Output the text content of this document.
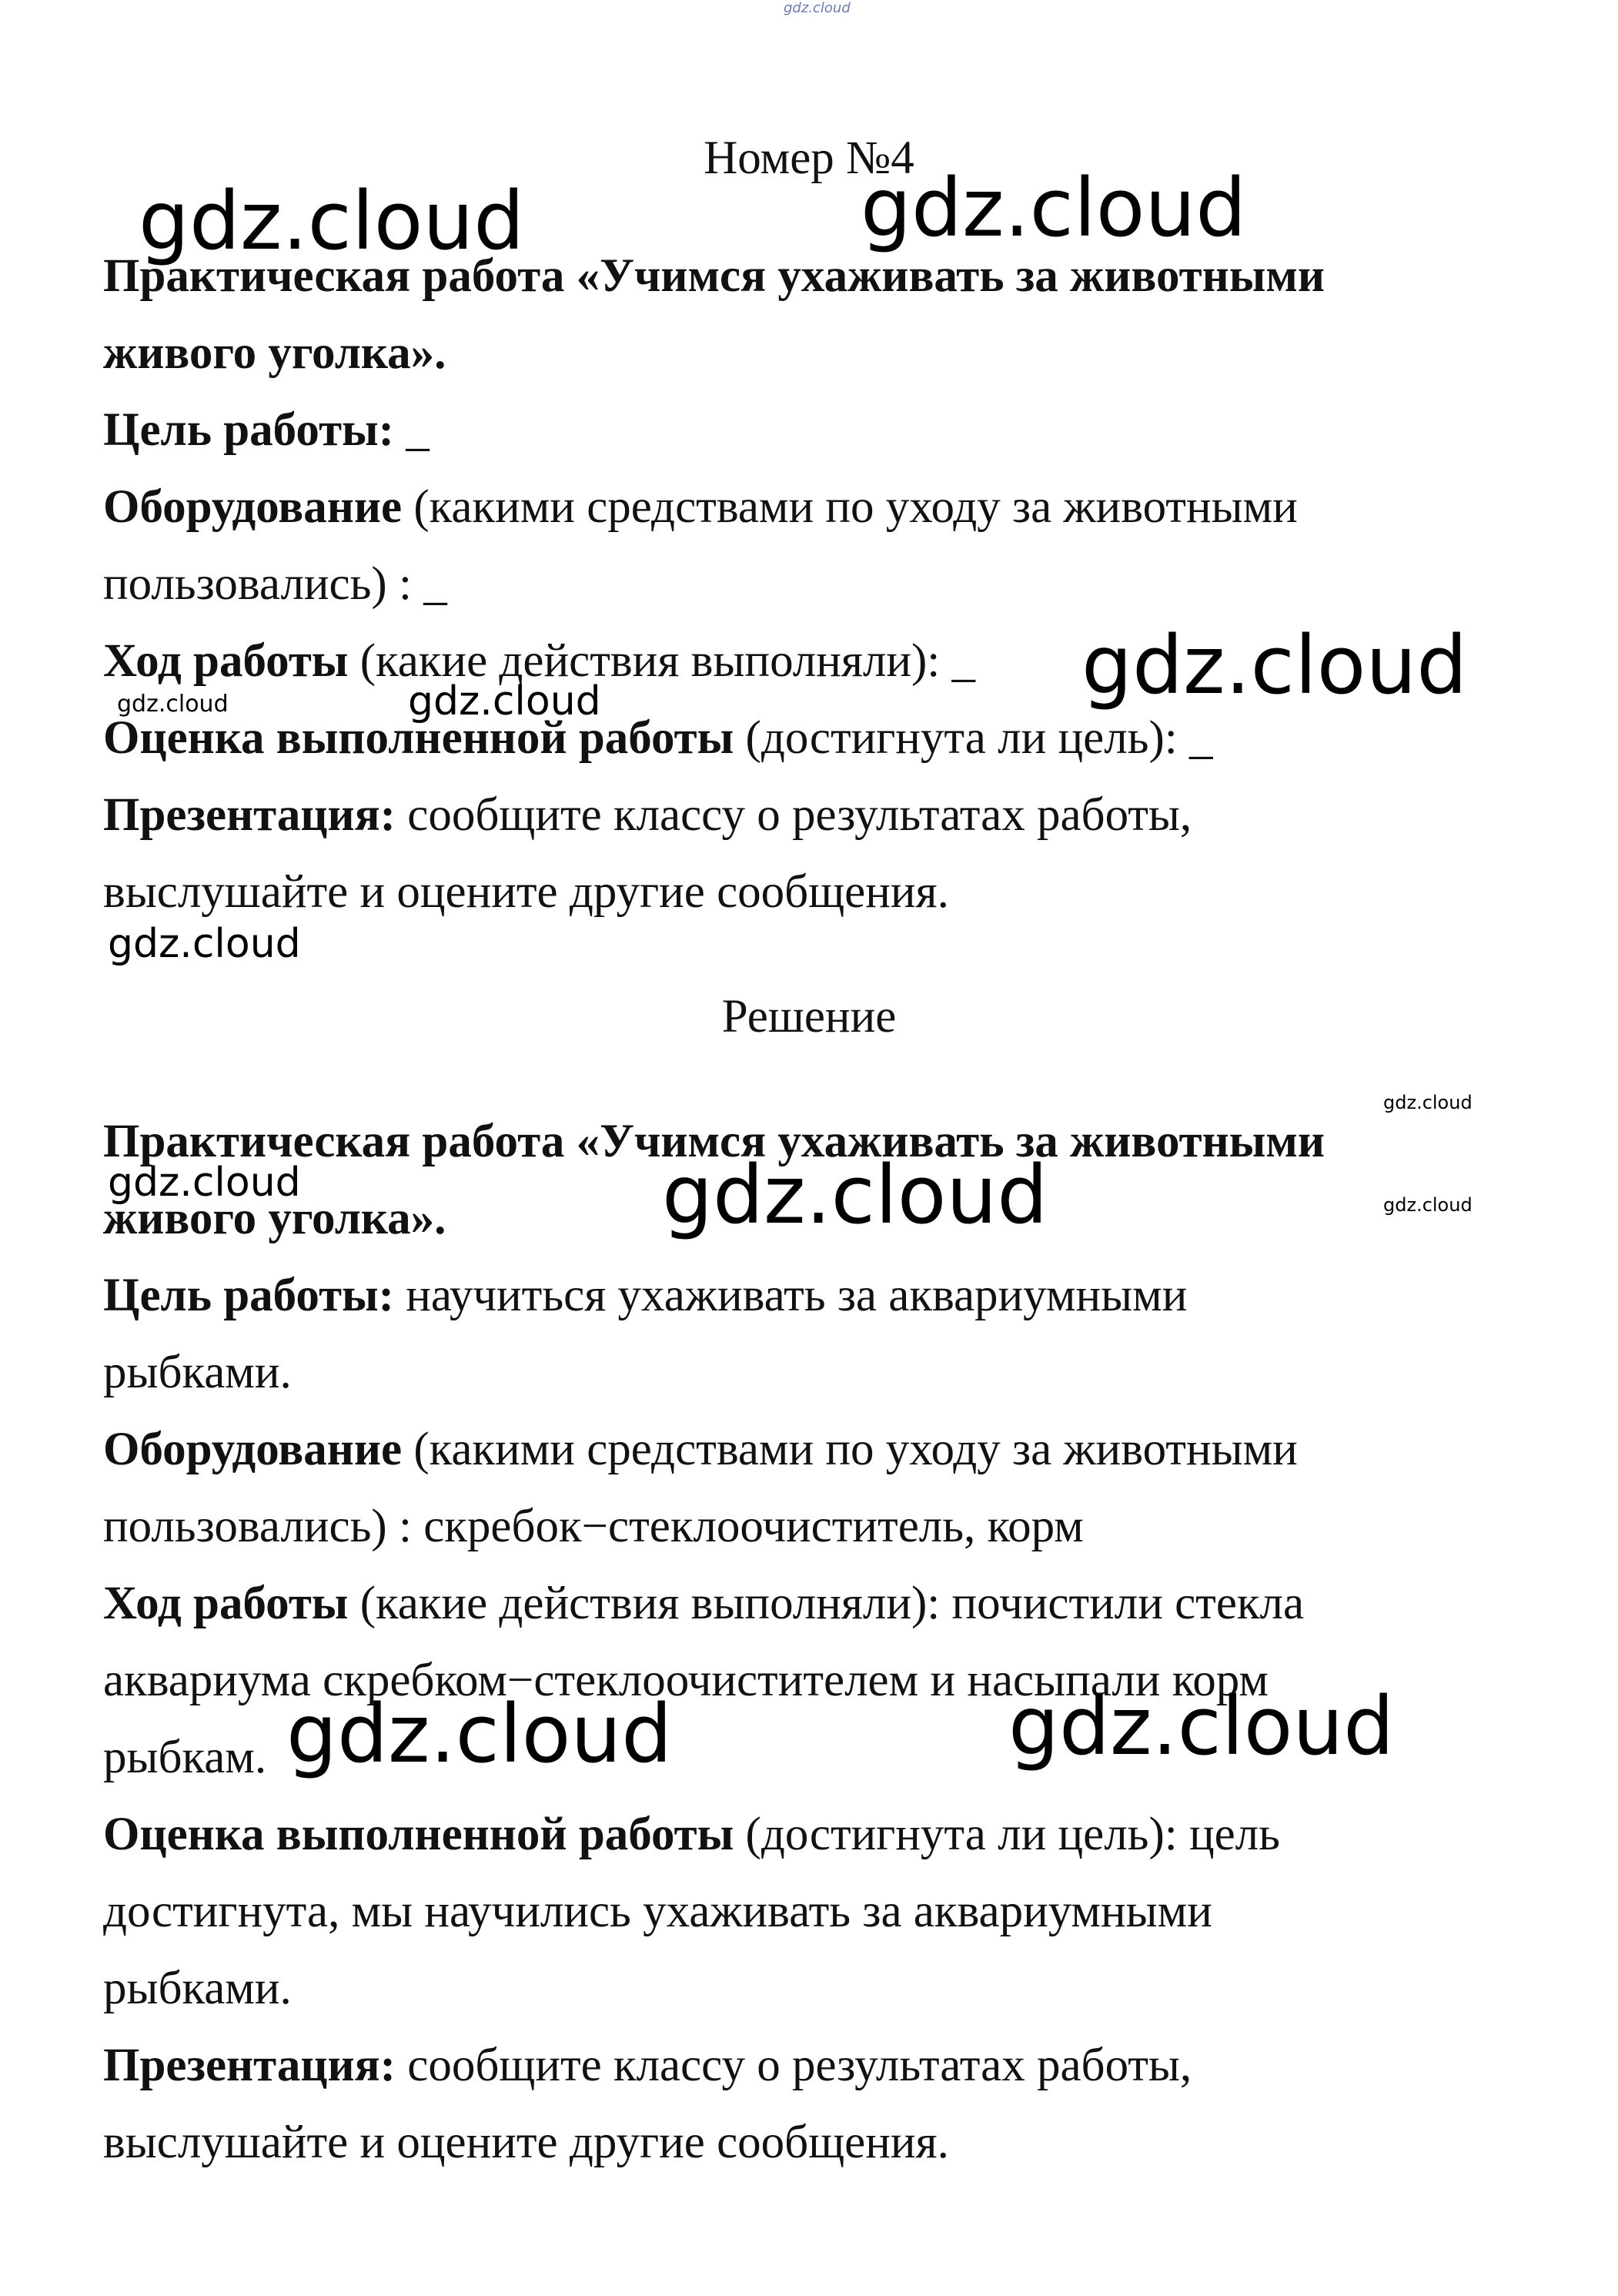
gdz.cloud
Номер №4
Практическая работа «Учимся ухаживать за животными
живого уголка».
Цель работы: _
Оборудование (какими средствами по уходу за животными
пользовались) : _
Ход работы (какие действия выполняли): _
Оценка выполненной работы (достигнута ли цель): _
Презентация: сообщите классу о результатах работы,
выслушайте и оцените другие сообщения.
Решение
Практическая работа «Учимся ухаживать за животными
живого уголка».
Цель работы: научиться ухаживать за аквариумными
рыбками.
Оборудование (какими средствами по уходу за животными
пользовались) : скребок−стеклоочиститель, корм
Ход работы (какие действия выполняли): почистили стекла
аквариума скребком−стеклоочистителем и насыпали корм
рыбкам.
Оценка выполненной работы (достигнута ли цель): цель
достигнута, мы научились ухаживать за аквариумными
рыбками.
Презентация: сообщите классу о результатах работы,
выслушайте и оцените другие сообщения.
gdz.cloud	gdz.cloud
gdz.cloud
gdz.cloud	gdz.cloud
gdz.cloud
gdz.cloud
gdz.cloud	gdz.cloud	gdz.cloud
gdz.cloud	gdz.cloud
